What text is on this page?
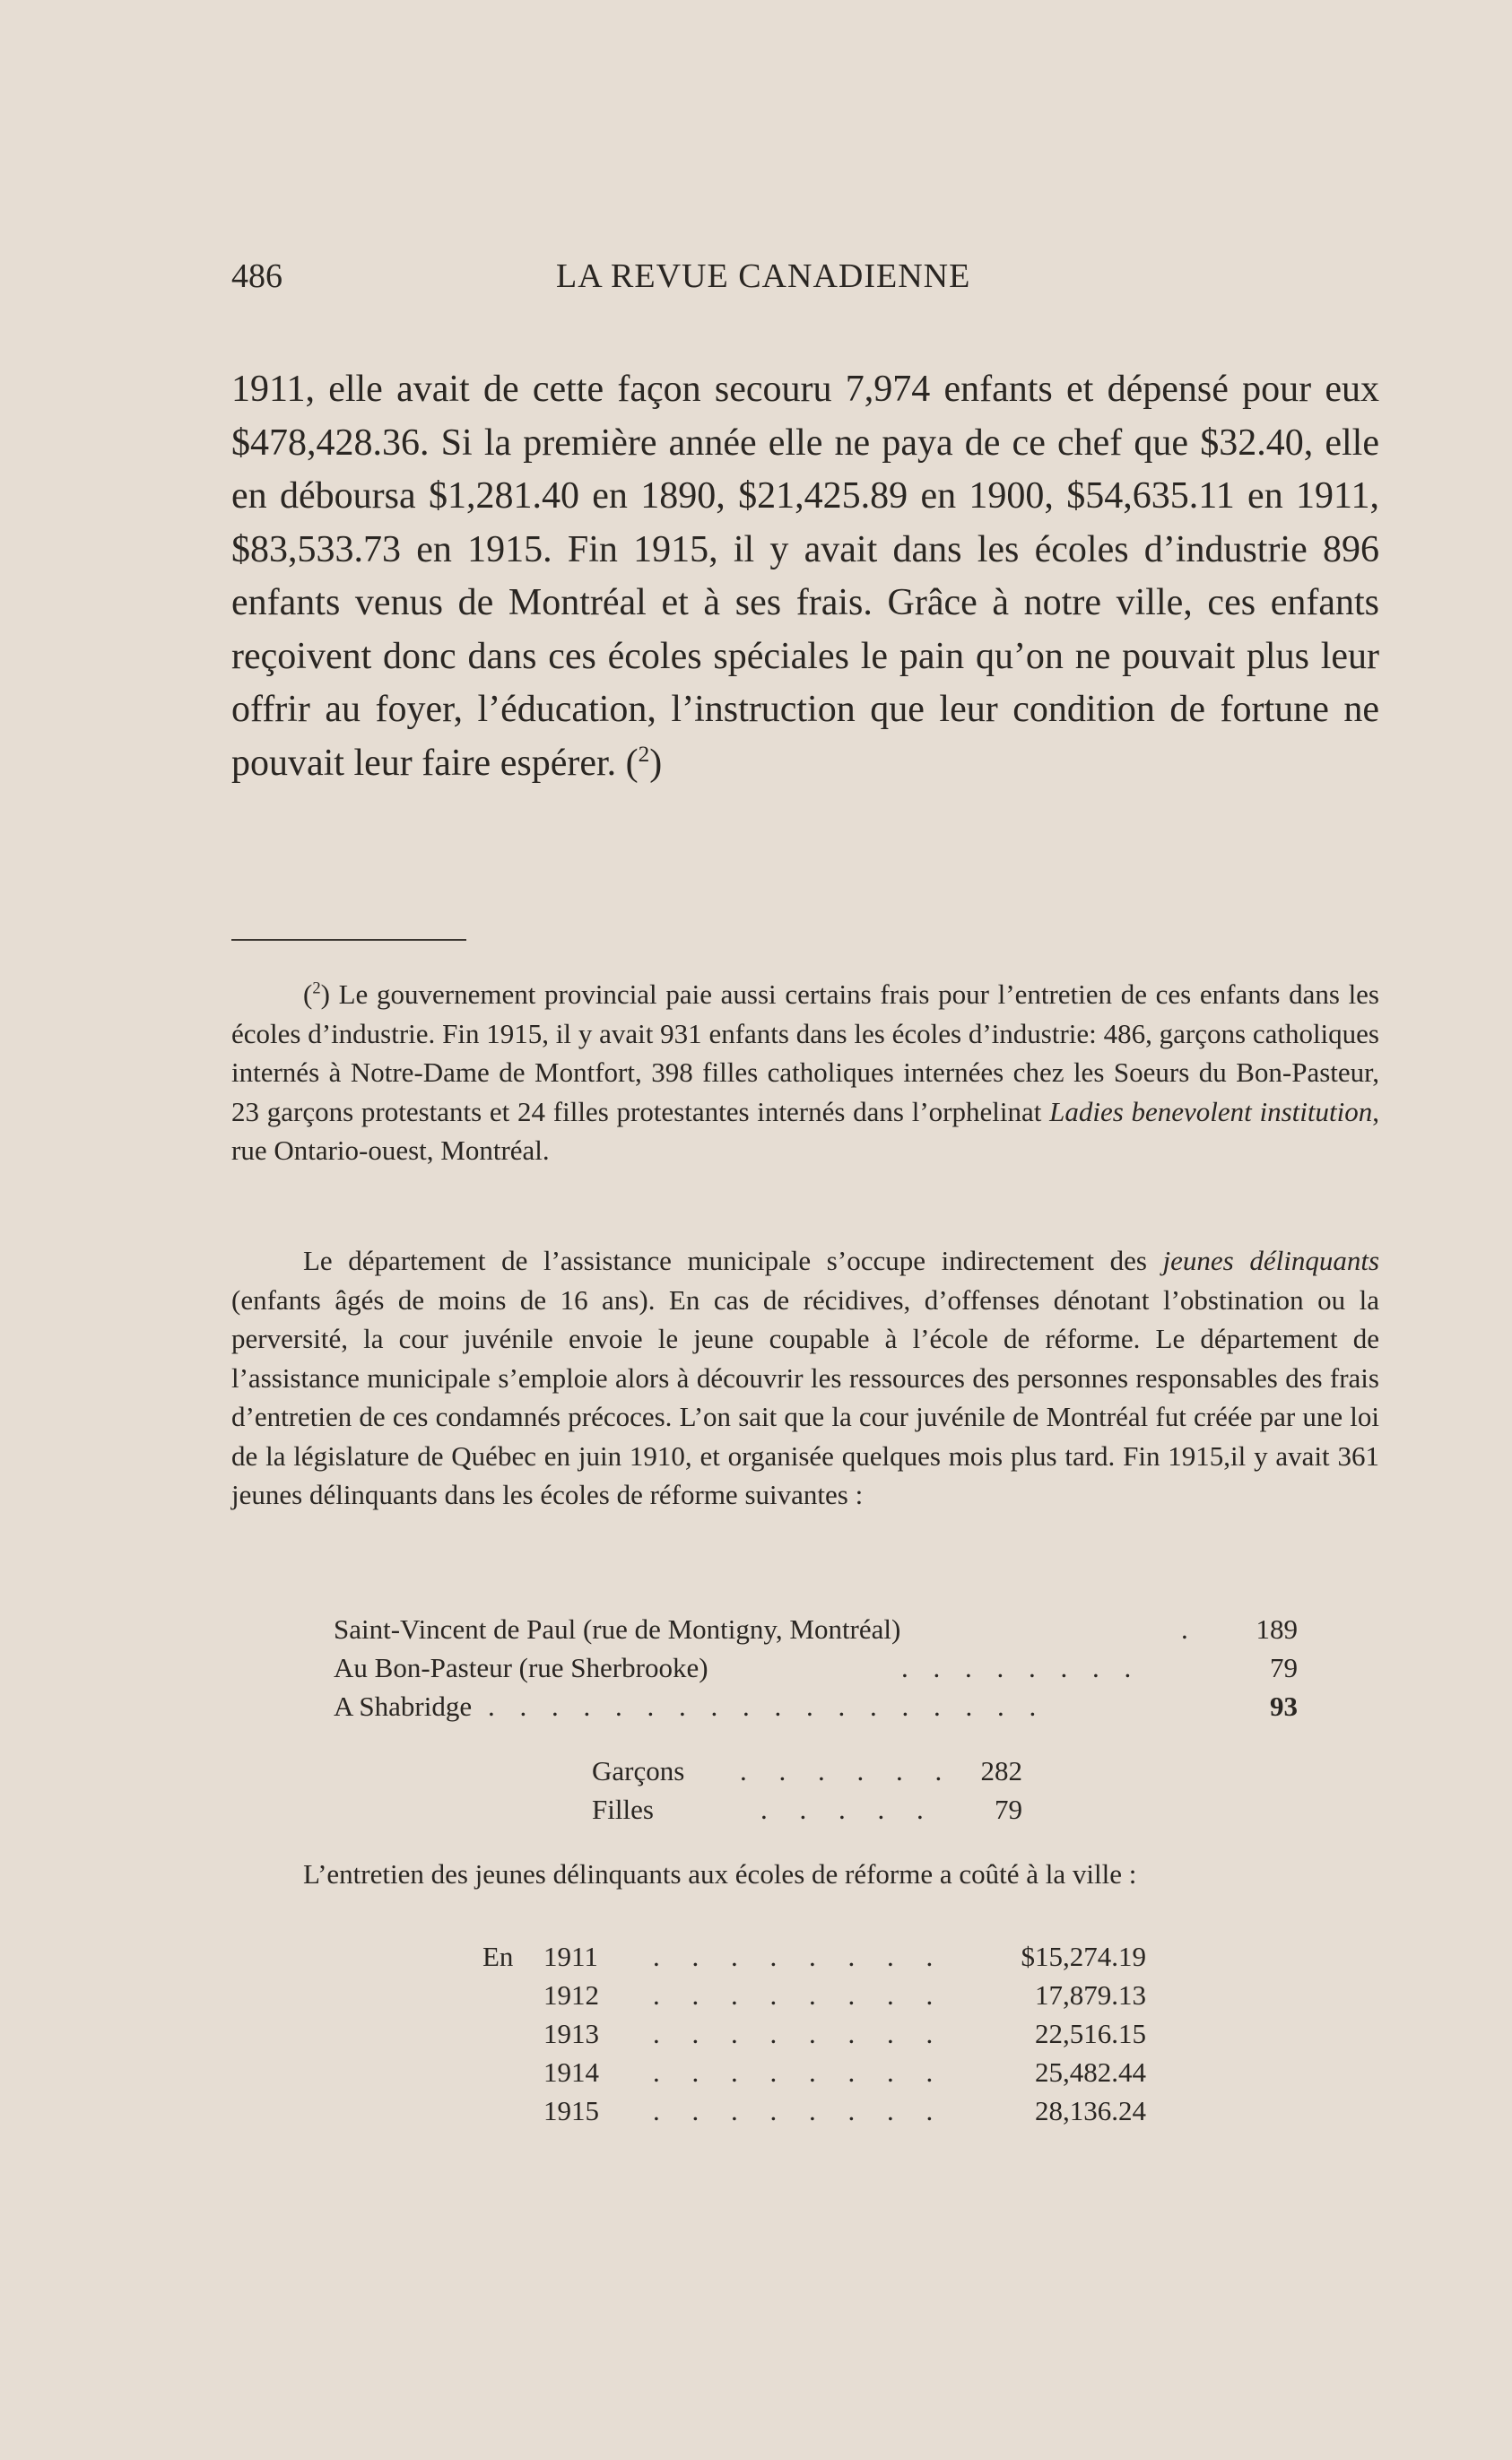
486	LA REVUE CANADIENNE
1911, elle avait de cette façon secouru 7,974 enfants et dépensé pour eux $478,428.36. Si la première année elle ne paya de ce chef que $32.40, elle en déboursa $1,281.40 en 1890, $21,425.89 en 1900, $54,635.11 en 1911, $83,533.73 en 1915. Fin 1915, il y avait dans les écoles d’industrie 896 enfants venus de Montréal et à ses frais. Grâce à notre ville, ces enfants reçoivent donc dans ces écoles spéciales le pain qu’on ne pouvait plus leur offrir au foyer, l’éducation, l’instruction que leur condition de fortune ne pouvait leur faire espérer. ($^2$)
($^2$) Le gouvernement provincial paie aussi certains frais pour l’entretien de ces enfants dans les écoles d’industrie. Fin 1915, il y avait 931 enfants dans les écoles d’industrie: 486, garçons catholiques internés à Notre-Dame de Montfort, 398 filles catholiques internées chez les Soeurs du Bon-Pasteur, 23 garçons protestants et 24 filles protestantes internés dans l’orphelinat Ladies benevolent institution, rue Ontario-ouest, Montréal.
Le département de l’assistance municipale s’occupe indirectement des jeunes délinquants (enfants âgés de moins de 16 ans). En cas de récidives, d’offenses dénotant l’obstination ou la perversité, la cour juvénile envoie le jeune coupable à l’école de réforme. Le département de l’assistance municipale s’emploie alors à découvrir les ressources des personnes responsables des frais d’entretien de ces condamnés précoces. L’on sait que la cour juvénile de Montréal fut créée par une loi de la législature de Québec en juin 1910, et organisée quelques mois plus tard. Fin 1915,il y avait 361 jeunes délinquants dans les écoles de réforme suivantes :
Saint-Vincent de Paul (rue de Montigny, Montréal)	. 189
Au Bon-Pasteur (rue Sherbrooke)	. . . . . . . .	79
A Shabridge . . . . . . . . . . . . . . . . . .	93
Garçons . . . . . . 282
Filles	. . . . . 79
L’entretien des jeunes délinquants aux écoles de réforme a coûté à la ville :
En 1911 . . . . . . . .	$15,274.19
1912 . . . . . . . .	17,879.13
1913 . . . . . . . .	22,516.15
1914 . . . . . . . .	25,482.44
1915 . . . . . . . .	28,136.24
